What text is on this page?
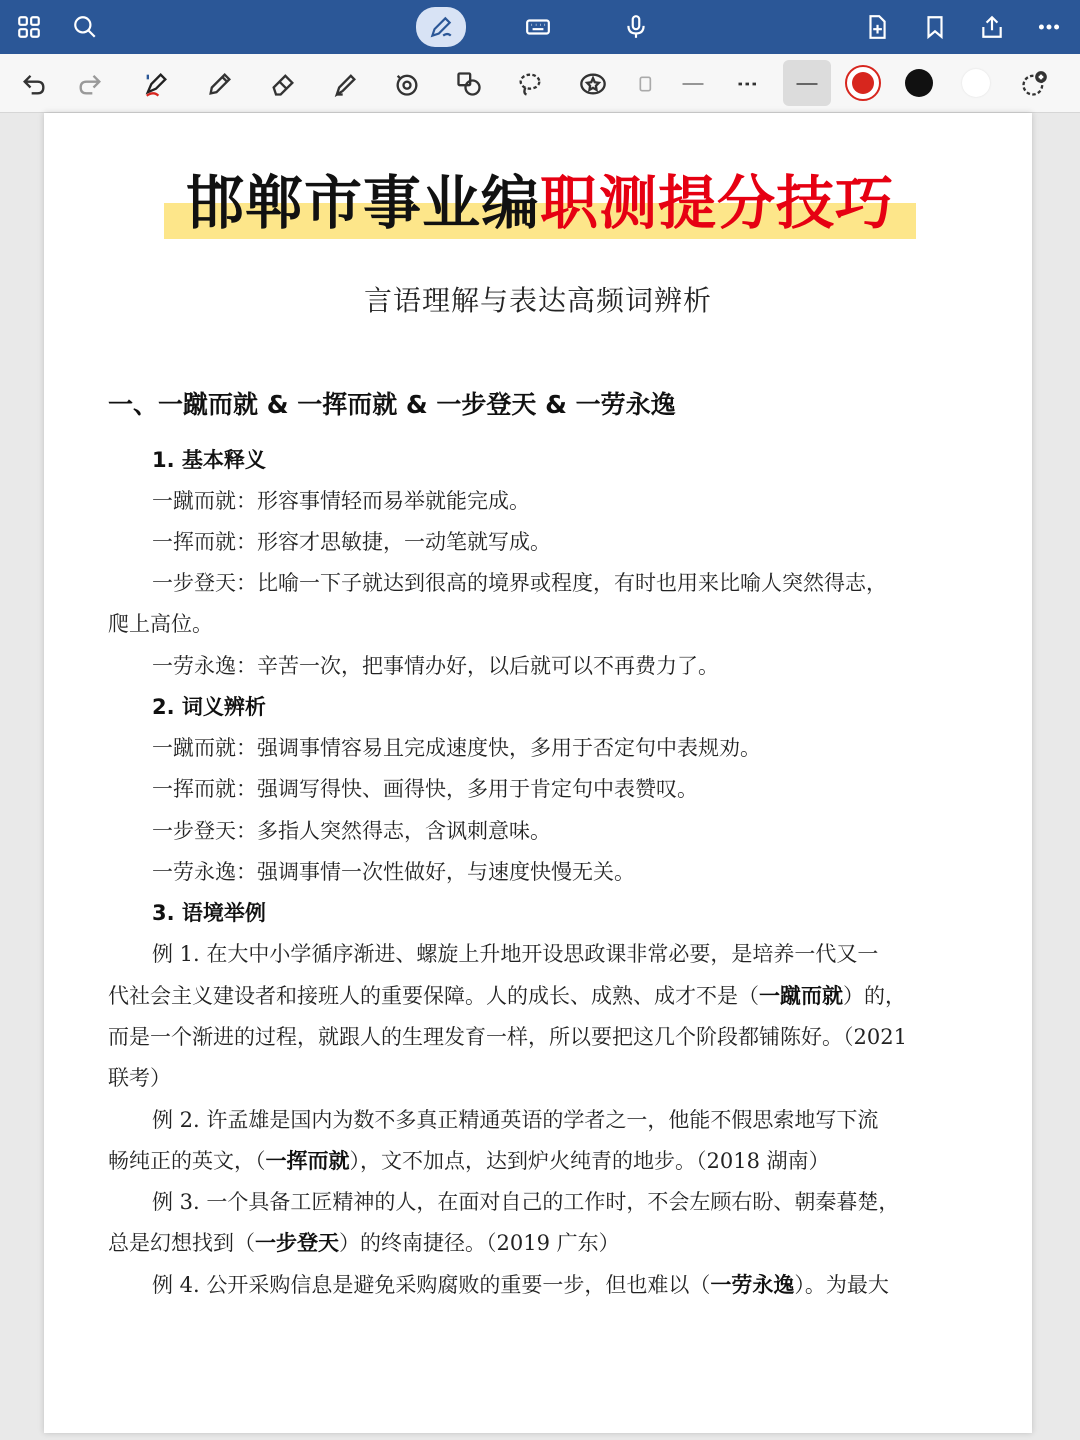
邯郸市事业编职测提分技巧
言语理解与表达高频词辨析
一、一蹴而就 & 一挥而就 & 一步登天 & 一劳永逸
1. 基本释义
一蹴而就：形容事情轻而易举就能完成。
一挥而就：形容才思敏捷，一动笔就写成。
一步登天：比喻一下子就达到很高的境界或程度，有时也用来比喻人突然得志，
爬上高位。
一劳永逸：辛苦一次，把事情办好，以后就可以不再费力了。
2. 词义辨析
一蹴而就：强调事情容易且完成速度快，多用于否定句中表规劝。
一挥而就：强调写得快、画得快，多用于肯定句中表赞叹。
一步登天：多指人突然得志，含讽刺意味。
一劳永逸：强调事情一次性做好，与速度快慢无关。
3. 语境举例
例 1. 在大中小学循序渐进、螺旋上升地开设思政课非常必要，是培养一代又一
代社会主义建设者和接班人的重要保障。人的成长、成熟、成才不是（一蹴而就）的，
而是一个渐进的过程，就跟人的生理发育一样，所以要把这几个阶段都铺陈好。（2021
联考）
例 2. 许孟雄是国内为数不多真正精通英语的学者之一，他能不假思索地写下流
畅纯正的英文，（一挥而就），文不加点，达到炉火纯青的地步。（2018 湖南）
例 3. 一个具备工匠精神的人，在面对自己的工作时，不会左顾右盼、朝秦暮楚，
总是幻想找到（一步登天）的终南捷径。（2019 广东）
例 4. 公开采购信息是避免采购腐败的重要一步，但也难以（一劳永逸）。为最大
